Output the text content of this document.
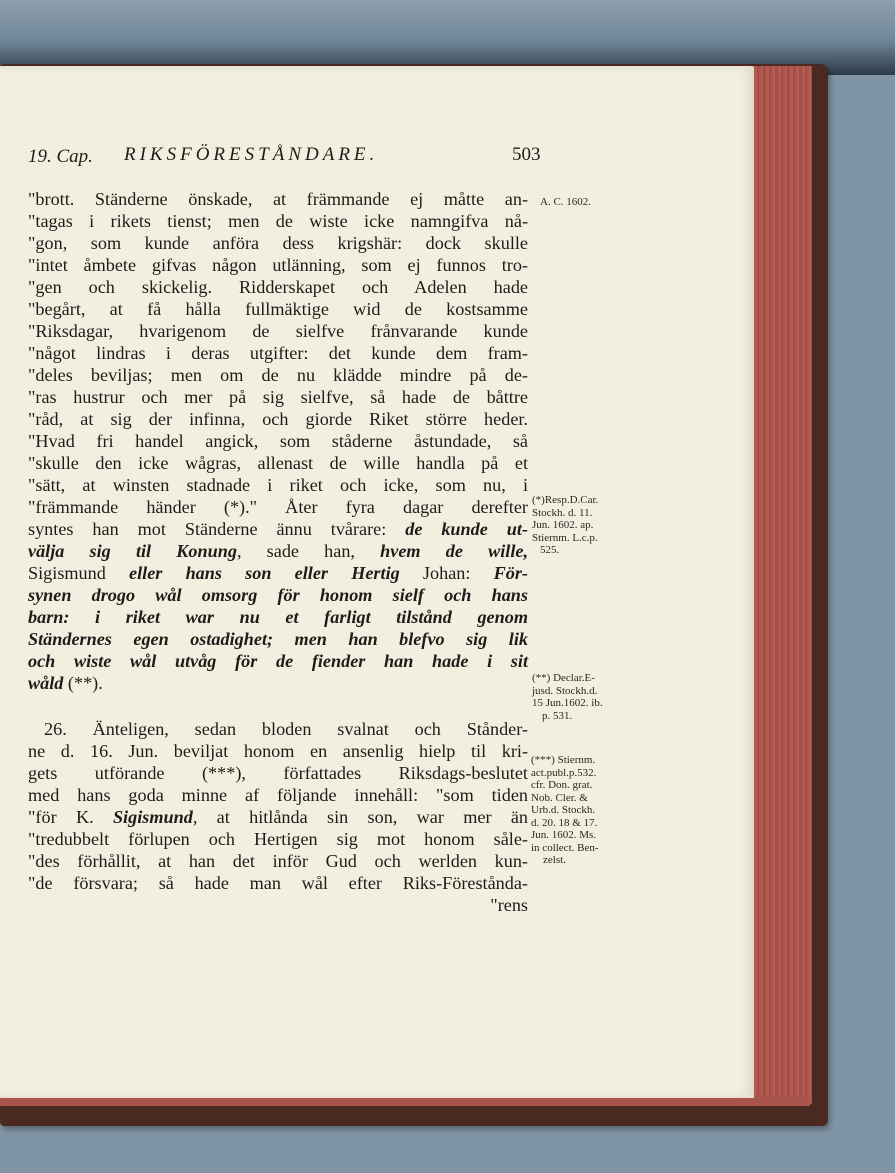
19. Cap. RIKSFÖRESTÅNDARE.	503
"brott. Ständerne önskade, at främmande ej måtte an-
"tagas i rikets tienst; men de wiste icke namngifva nå-
"gon, som kunde anföra dess krigshär: dock skulle
"intet åmbete gifvas någon utlänning, som ej funnos tro-
"gen och skickelig. Ridderskapet och Adelen hade
"begårt, at få hålla fullmäktige wid de kostsamme
"Riksdagar, hvarigenom de sielfve frånvarande kunde
"något lindras i deras utgifter: det kunde dem fram-
"deles beviljas; men om de nu klädde mindre på de-
"ras hustrur och mer på sig sielfve, så hade de båttre
"råd, at sig der infinna, och giorde Riket större heder.
"Hvad fri handel angick, som ståderne åstundade, så
"skulle den icke wågras, allenast de wille handla på et
"sätt, at winsten stadnade i riket och icke, som nu, i
"främmande händer (*)." Åter fyra dagar derefter
syntes han mot Ständerne ännu tvårare: de kunde ut-
välja sig til Konung, sade han, hvem de wille,
Sigismund eller hans son eller Hertig Johan: För-
synen drogo wål omsorg för honom sielf och hans
barn: i riket war nu et farligt tilstånd genom
Ständernes egen ostadighet; men han blefvo sig lik
och wiste wål utvåg för de fiender han hade i sit
wåld (**).
26. Änteligen, sedan bloden svalnat och Stånder-
ne d. 16. Jun. beviljat honom en ansenlig hielp til kri-
gets utförande (***), författades Riksdags-beslutet
med hans goda minne af följande innehåll: "som tiden
"för K. Sigismund, at hitlånda sin son, war mer än
"tredubbelt förlupen och Hertigen sig mot honom såle-
"des förhållit, at han det inför Gud och werlden kun-
"de försvara; så hade man wål efter Riks-Förestånda-
"rens
A. C. 1602.
(*)Resp.D.Car.
Stockh. d. 11.
Jun. 1602. ap.
Stiernm. L.c.p.
525.
(**) Declar.E-
jusd. Stockh.d.
15 Jun.1602. ib.
p. 531.
(***) Stiernm.
act.publ.p.532.
cfr. Don. grat.
Nob. Cler. &
Urb.d. Stockh.
d. 20. 18 & 17.
Jun. 1602. Ms.
in collect. Ben-
zelst.
